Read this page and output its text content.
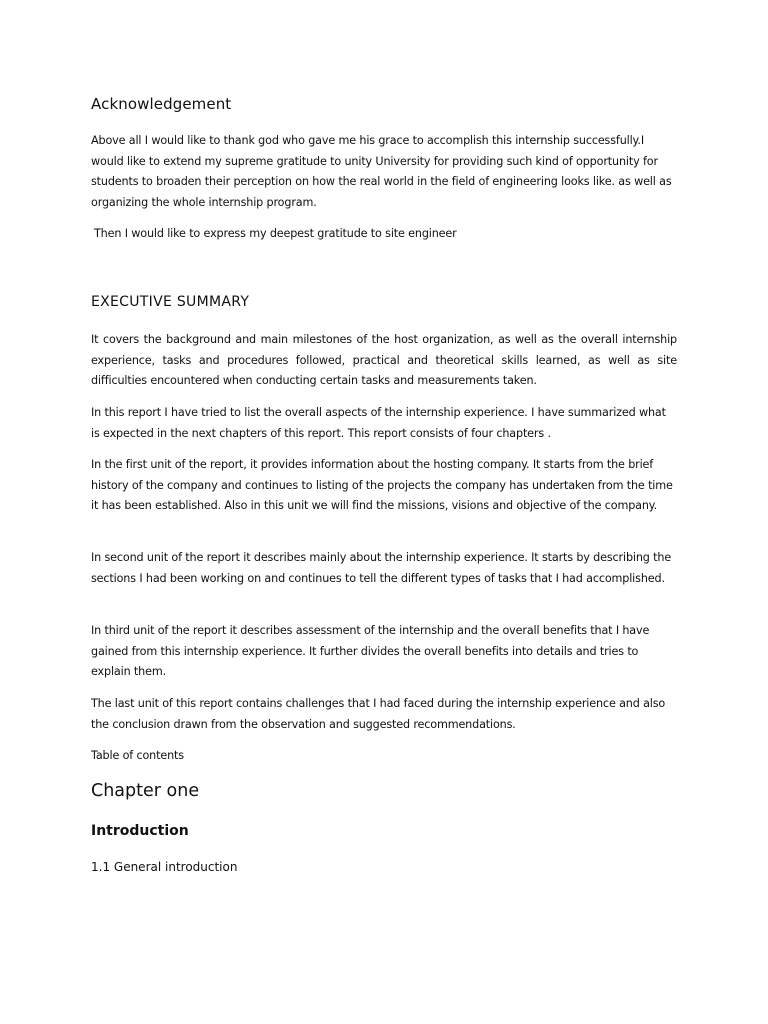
Acknowledgement

Above all I would like to thank god who gave me his grace to accomplish this internship successfully.I would like to extend my supreme gratitude to unity University for providing such kind of opportunity for students to broaden their perception on how the real world in the field of engineering looks like. as well as organizing the whole internship program.

Then I would like to express my deepest gratitude to site engineer

EXECUTIVE SUMMARY

It covers the background and main milestones of the host organization, as well as the overall internship experience, tasks and procedures followed, practical and theoretical skills learned, as well as site difficulties encountered when conducting certain tasks and measurements taken.

In this report I have tried to list the overall aspects of the internship experience. I have summarized what is expected in the next chapters of this report. This report consists of four chapters .

In the first unit of the report, it provides information about the hosting company. It starts from the brief history of the company and continues to listing of the projects the company has undertaken from the time it has been established. Also in this unit we will find the missions, visions and objective of the company.

In second unit of the report it describes mainly about the internship experience. It starts by describing the sections I had been working on and continues to tell the different types of tasks that I had accomplished.

In third unit of the report it describes assessment of the internship and the overall benefits that I have gained from this internship experience. It further divides the overall benefits into details and tries to explain them.

The last unit of this report contains challenges that I had faced during the internship experience and also the conclusion drawn from the observation and suggested recommendations.

Table of contents

Chapter one
Introduction
1.1 General introduction
